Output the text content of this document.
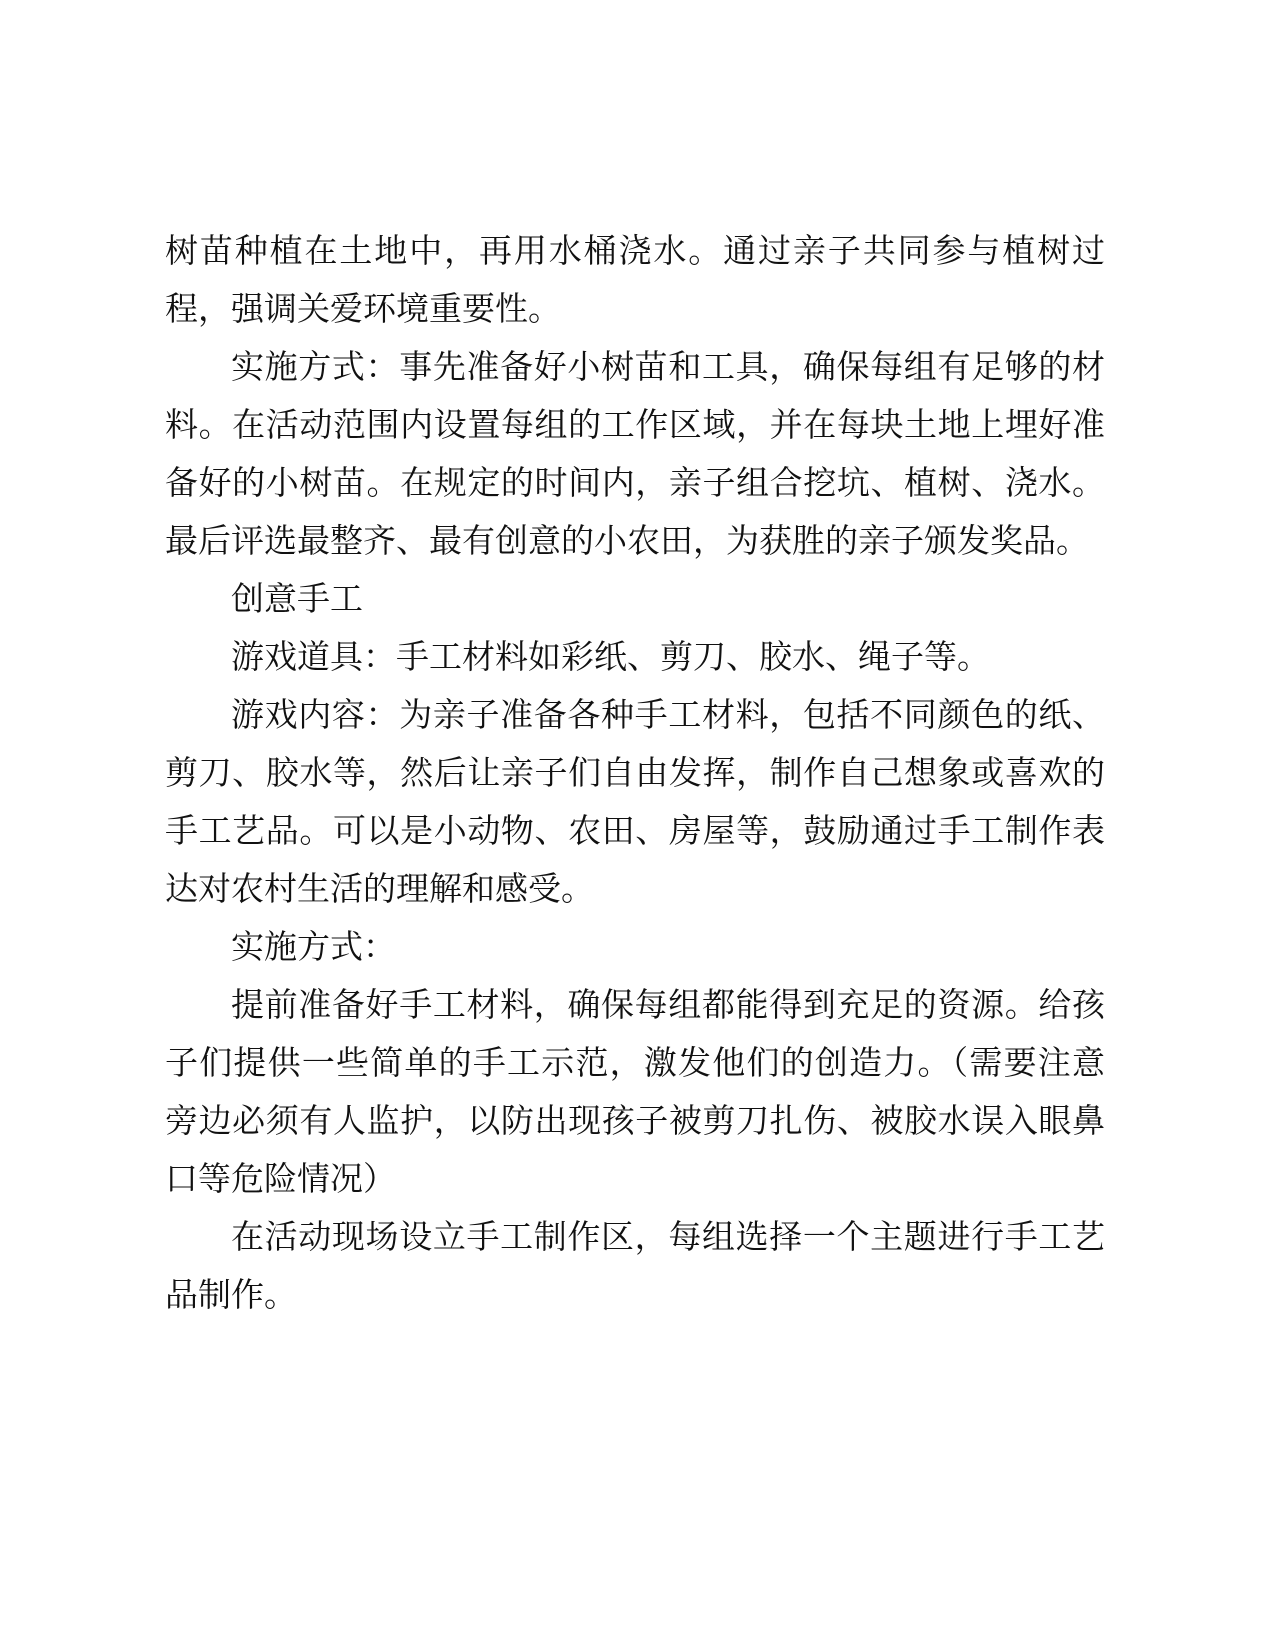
树苗种植在土地中，再用水桶浇水。通过亲子共同参与植树过程，强调关爱环境重要性。

实施方式：事先准备好小树苗和工具，确保每组有足够的材料。在活动范围内设置每组的工作区域，并在每块土地上埋好准备好的小树苗。在规定的时间内，亲子组合挖坑、植树、浇水。最后评选最整齐、最有创意的小农田，为获胜的亲子颁发奖品。

创意手工

游戏道具：手工材料如彩纸、剪刀、胶水、绳子等。

游戏内容：为亲子准备各种手工材料，包括不同颜色的纸、剪刀、胶水等，然后让亲子们自由发挥，制作自己想象或喜欢的手工艺品。可以是小动物、农田、房屋等，鼓励通过手工制作表达对农村生活的理解和感受。

实施方式：

提前准备好手工材料，确保每组都能得到充足的资源。给孩子们提供一些简单的手工示范，激发他们的创造力。（需要注意旁边必须有人监护，以防出现孩子被剪刀扎伤、被胶水误入眼鼻口等危险情况）

在活动现场设立手工制作区，每组选择一个主题进行手工艺品制作。
